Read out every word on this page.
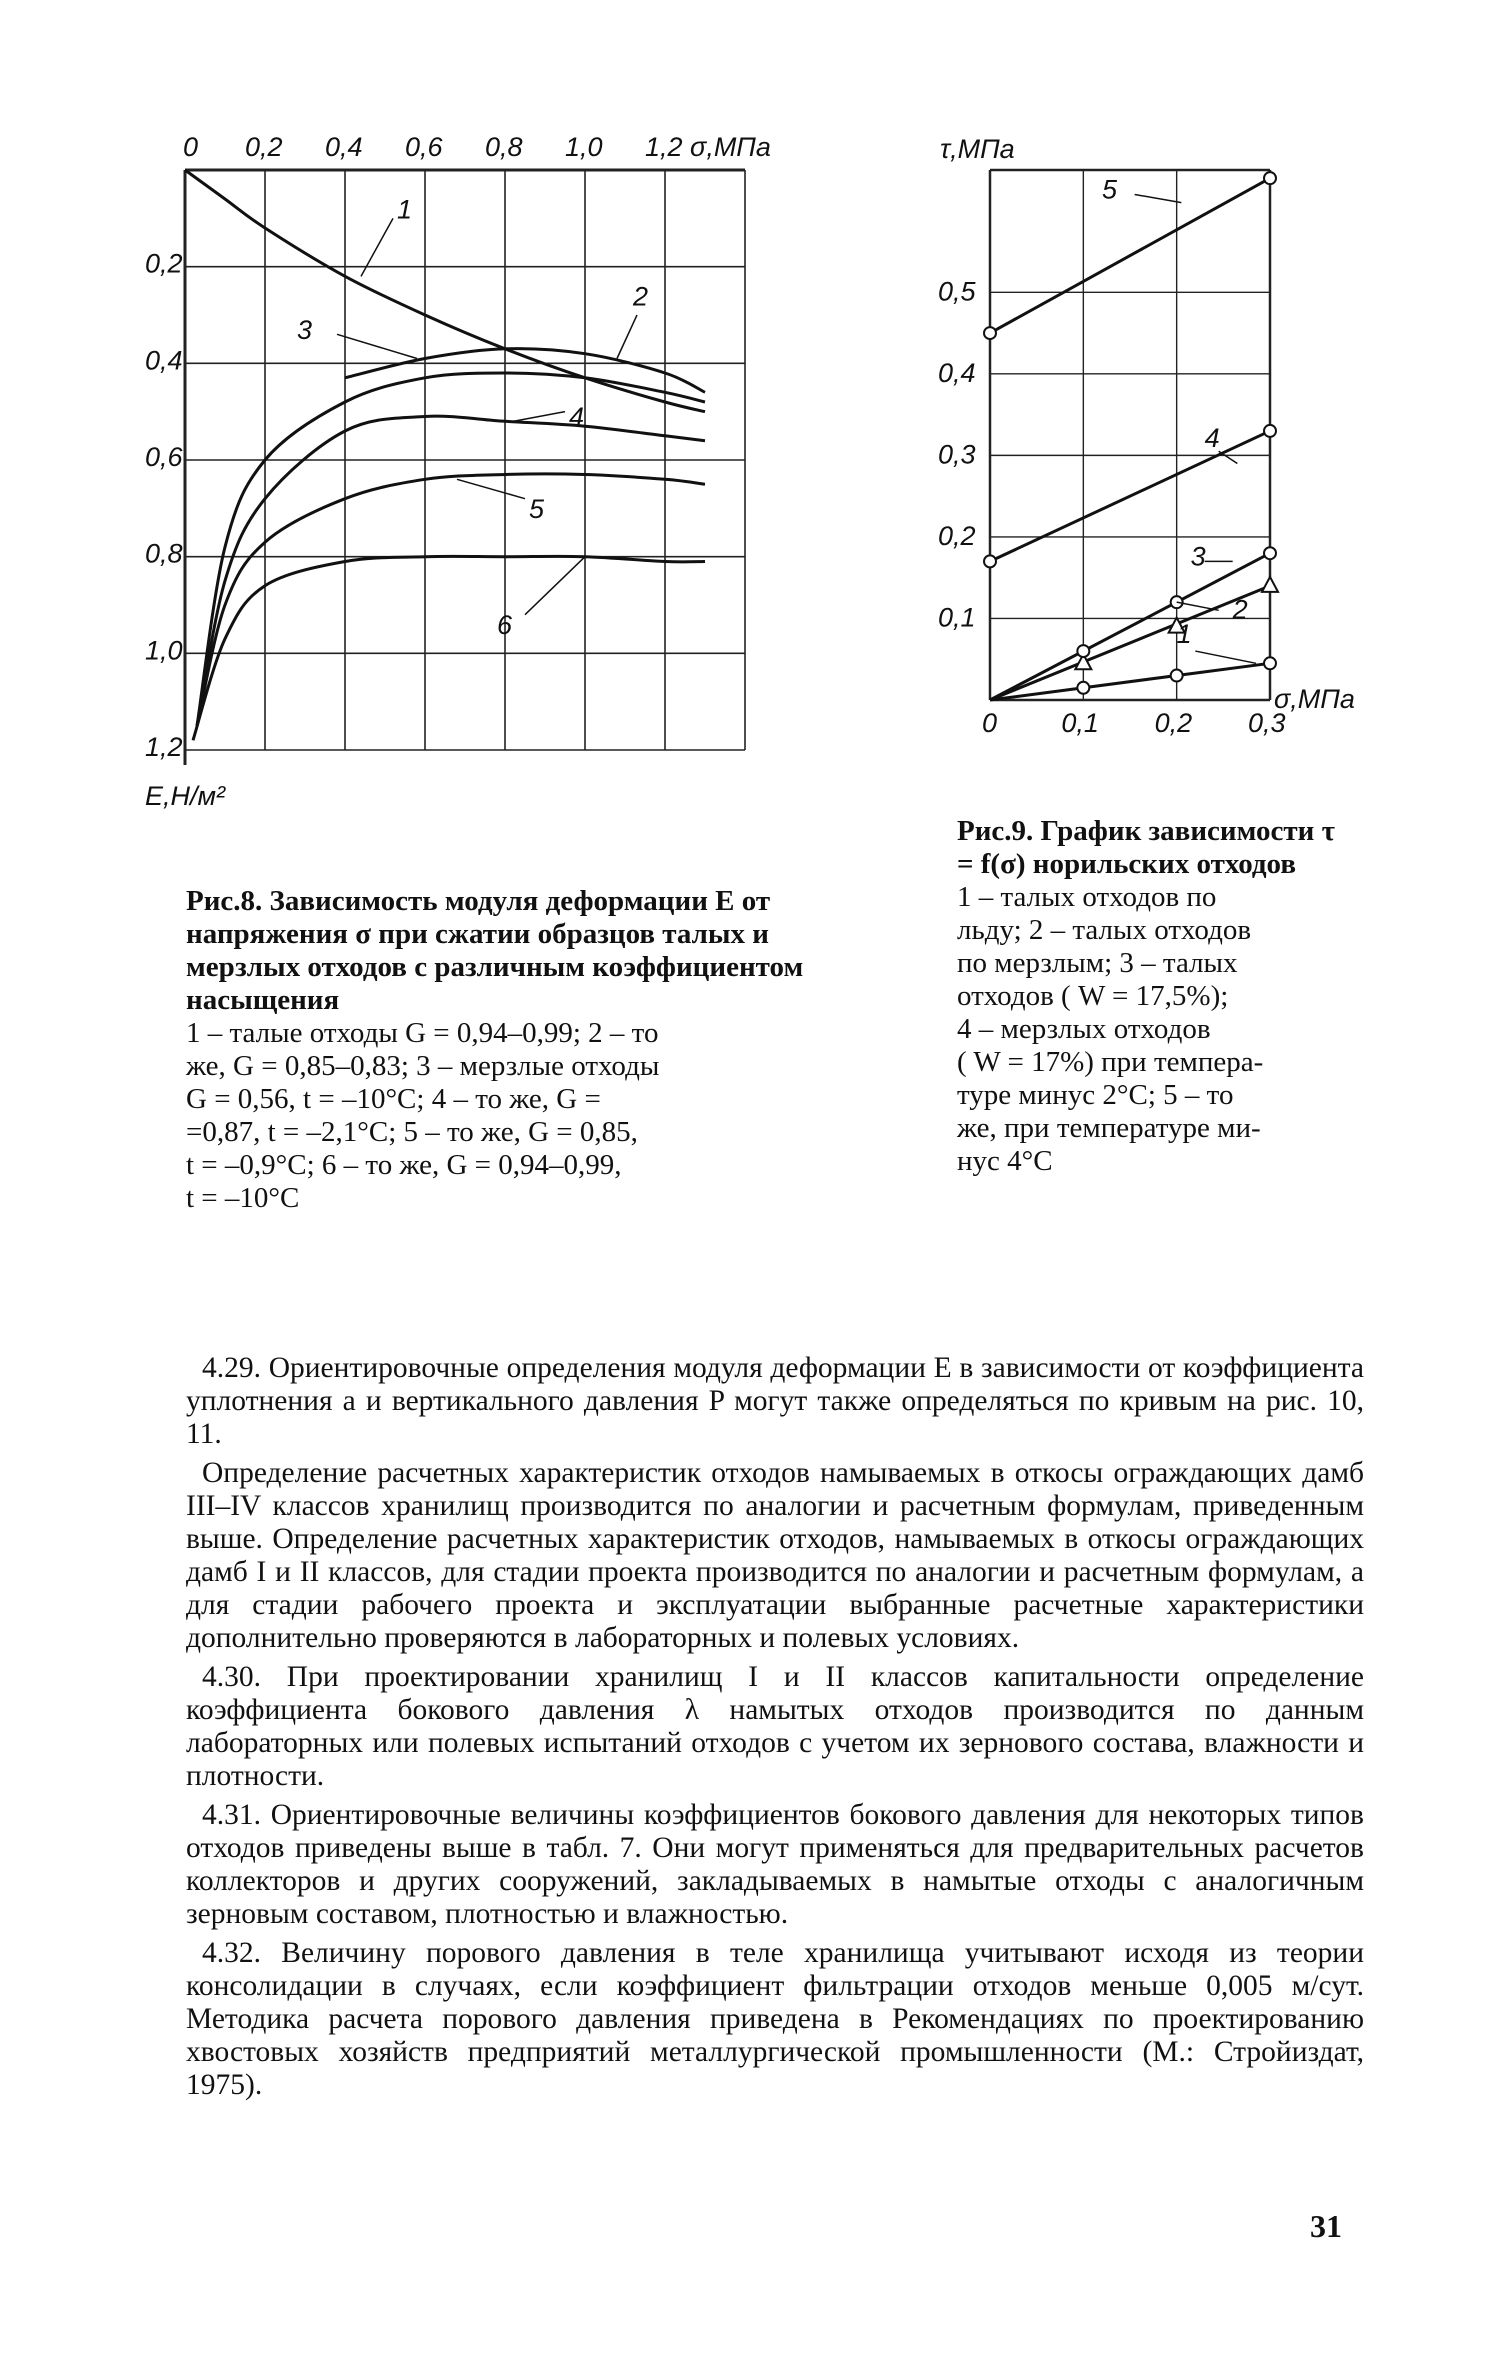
0 0,2 0,4 0,6 0,8 1,0 1,2 σ,МПа
0,2
0,4
0,6
0,8
1,0
1,2
Е,Н/м²
1
2
3
4
5
6
τ,МПа
0,5
0,4
0,3
0,2
0,1
0 0,1 0,2 0,3
σ,МПа
1
2
3
4
5
Рис.8. Зависимость модуля деформации Е от напряжения σ при сжатии образцов талых и мерзлых отходов с различным коэффициентом насыщения
1 – талые отходы G = 0,94–0,99; 2 – то
же, G = 0,85–0,83; 3 – мерзлые отходы
G = 0,56, t = –10°C; 4 – то же, G =
=0,87, t = –2,1°C; 5 – то же, G = 0,85,
t = –0,9°C; 6 – то же, G = 0,94–0,99,
t = –10°C
Рис.9. График зависимости τ = f(σ) норильских отходов
1 – талых отходов по
льду; 2 – талых отходов
по мерзлым; 3 – талых
отходов ( W = 17,5%);
4 – мерзлых отходов
( W = 17%) при темпера-
туре минус 2°C; 5 – то
же, при температуре ми-
нус 4°C

4.29. Ориентировочные определения модуля деформации Е в зависимости от коэффициента уплотнения a и вертикального давления P могут также определяться по кривым на рис. 10, 11.

Определение расчетных характеристик отходов намываемых в откосы ограждающих дамб III–IV классов хранилищ производится по аналогии и расчетным формулам, приведенным выше. Определение расчетных характеристик отходов, намываемых в откосы ограждающих дамб I и II классов, для стадии проекта производится по аналогии и расчетным формулам, а для стадии рабочего проекта и эксплуатации выбранные расчетные характеристики дополнительно проверяются в лабораторных и полевых условиях.

4.30. При проектировании хранилищ I и II классов капитальности определение коэффициента бокового давления λ намытых отходов производится по данным лабораторных или полевых испытаний отходов с учетом их зернового состава, влажности и плотности.

4.31. Ориентировочные величины коэффициентов бокового давления для некоторых типов отходов приведены выше в табл. 7. Они могут применяться для предварительных расчетов коллекторов и других сооружений, закладываемых в намытые отходы с аналогичным зерновым составом, плотностью и влажностью.

4.32. Величину порового давления в теле хранилища учитывают исходя из теории консолидации в случаях, если коэффициент фильтрации отходов меньше 0,005 м/сут. Методика расчета порового давления приведена в Рекомендациях по проектированию хвостовых хозяйств предприятий металлургической промышленности (М.: Стройиздат, 1975).

31
